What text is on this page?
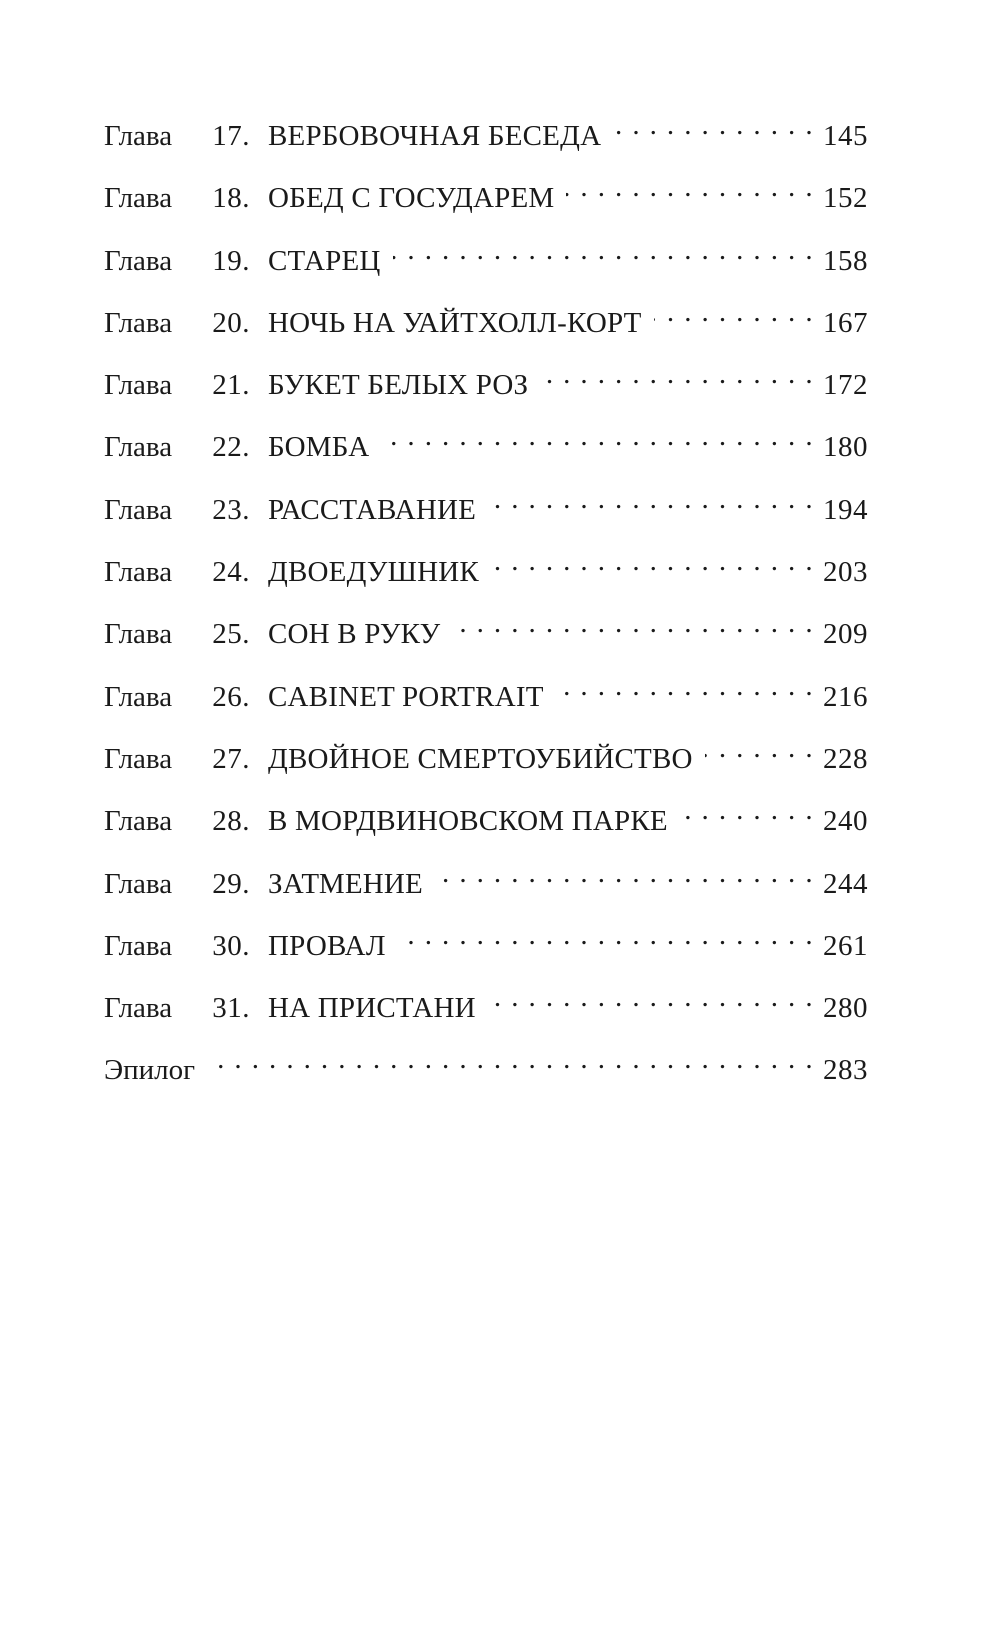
Глава 17. ВЕРБОВОЧНАЯ БЕСЕДА . . .	145
Глава 18. ОБЕД С ГОСУДАРЕМ . . .	152
Глава 19. СТАРЕЦ . . .	158
Глава 20. НОЧЬ НА УАЙТХОЛЛ-КОРТ . . .	167
Глава 21. БУКЕТ БЕЛЫХ РОЗ . . .	172
Глава 22. БОМБА . . .	180
Глава 23. РАССТАВАНИЕ . . .	194
Глава 24. ДВОЕДУШНИК . . .	203
Глава 25. СОН В РУКУ . . .	209
Глава 26. CABINET PORTRAIT . . .	216
Глава 27. ДВОЙНОЕ СМЕРТОУБИЙСТВО . . .	228
Глава 28. В МОРДВИНОВСКОМ ПАРКЕ . . .	240
Глава 29. ЗАТМЕНИЕ . . .	244
Глава 30. ПРОВАЛ . . .	261
Глава 31. НА ПРИСТАНИ . . .	280
Эпилог . . .	283
